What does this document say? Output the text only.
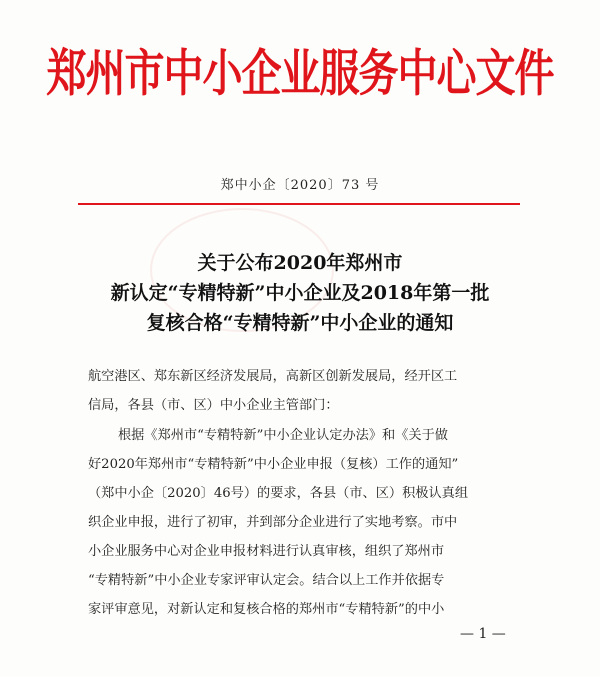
郑州市中小企业服务中心文件
郑中小企〔2020〕73 号
关于公布2020年郑州市
新认定“专精特新”中小企业及2018年第一批
复核合格“专精特新”中小企业的通知
航空港区、郑东新区经济发展局，高新区创新发展局，经开区工
信局，各县（市、区）中小企业主管部门：
根据《郑州市“专精特新”中小企业认定办法》和《关于做
好2020年郑州市“专精特新”中小企业申报（复核）工作的通知”
（郑中小企〔2020〕46号）的要求，各县（市、区）积极认真组
织企业申报，进行了初审，并到部分企业进行了实地考察。市中
小企业服务中心对企业申报材料进行认真审核，组织了郑州市
“专精特新”中小企业专家评审认定会。结合以上工作并依据专
家评审意见，对新认定和复核合格的郑州市“专精特新”的中小
— 1 —
